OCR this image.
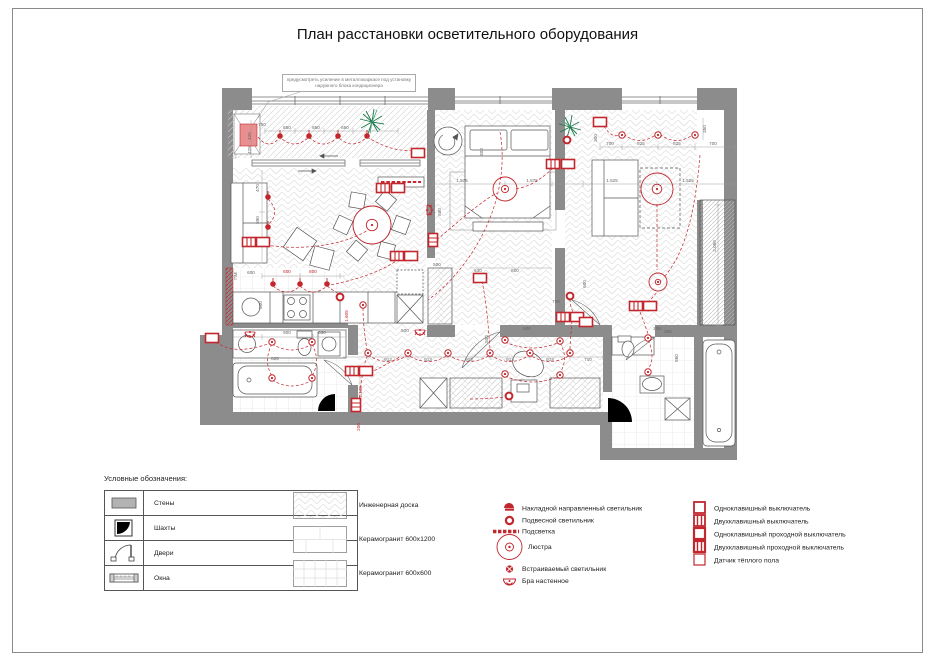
План расстановки осветительного оборудования
750
425
425
650	650	650
700	825	825	700
350
300
1.575	1.575	1.525	1.525
300
500
2.060
470
890
600	600	800
800
500
900	630
825	913	913	913	913	913	710
1.605
1.140
200
630	800
798
600
205
500
300
250
860
500
ПМ
предусмотреть усиление в металлокаркасе под установку наружного блока кондиционера
Условные обозначения:
Стены
Шахты
Двери
Окна
Инженерная доска
Керамогранит 600x1200
Керамогранит 600x600
Накладной направленный светильник
Подвесной светильник
Подсветка
Люстра
Встраиваемый светильник
Бра настенное
Одноклавишный выключатель
Двухклавишный выключатель
Одноклавишный проходной выключатель
Двухклавишный проходной выключатель
Датчик тёплого пола
